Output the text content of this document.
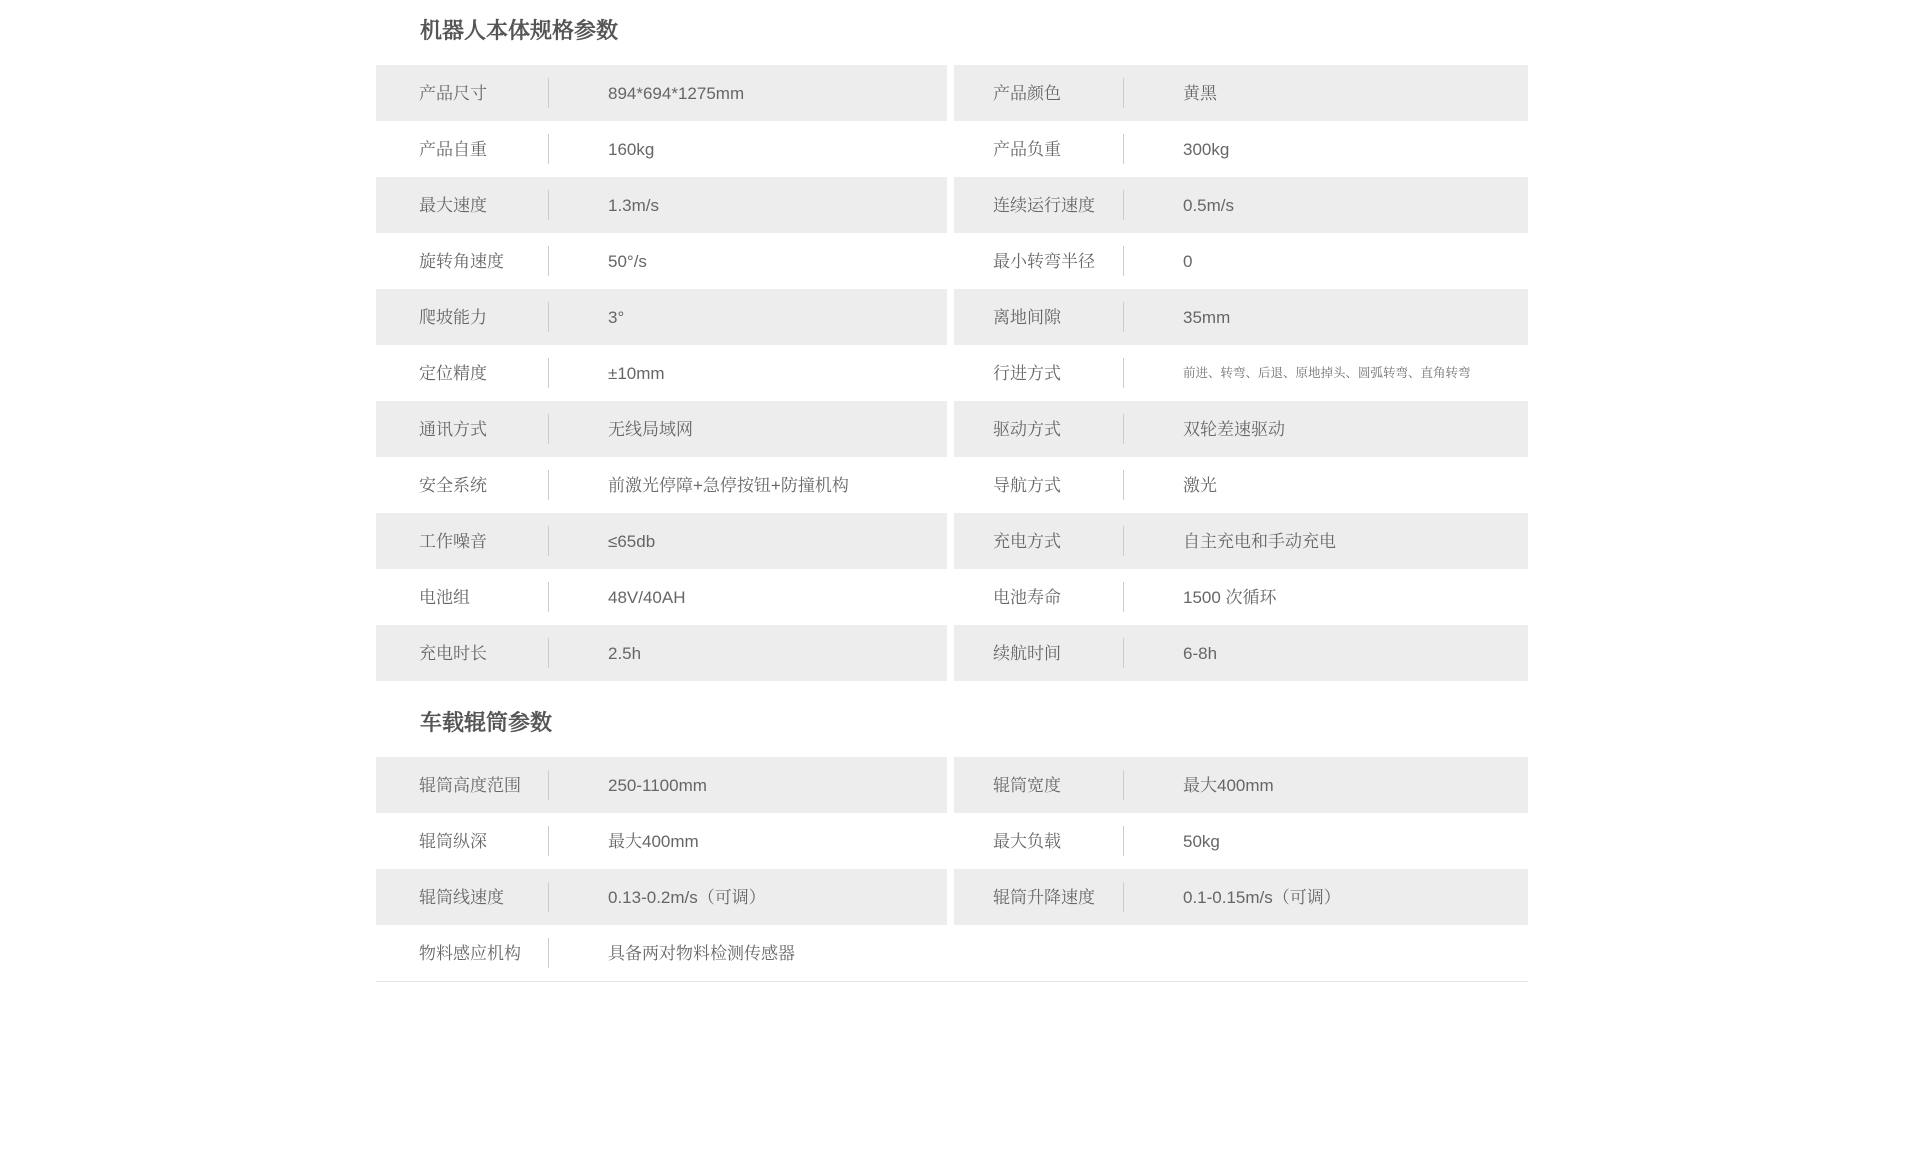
机器人本体规格参数
产品尺寸	894*694*1275mm	产品颜色	黄黑
产品自重	160kg	产品负重	300kg
最大速度	1.3m/s	连续运行速度	0.5m/s
旋转角速度	50°/s	最小转弯半径	0
爬坡能力	3°	离地间隙	35mm
定位精度	±10mm	行进方式	前进、转弯、后退、原地掉头、圆弧转弯、直角转弯
通讯方式	无线局域网	驱动方式	双轮差速驱动
安全系统	前激光停障+急停按钮+防撞机构	导航方式	激光
工作噪音	≤65db	充电方式	自主充电和手动充电
电池组	48V/40AH	电池寿命	1500 次循环
充电时长	2.5h	续航时间	6-8h
车载辊筒参数
辊筒高度范围	250-1100mm	辊筒宽度	最大400mm
辊筒纵深	最大400mm	最大负载	50kg
辊筒线速度	0.13-0.2m/s（可调）	辊筒升降速度	0.1-0.15m/s（可调）
物料感应机构	具备两对物料检测传感器
